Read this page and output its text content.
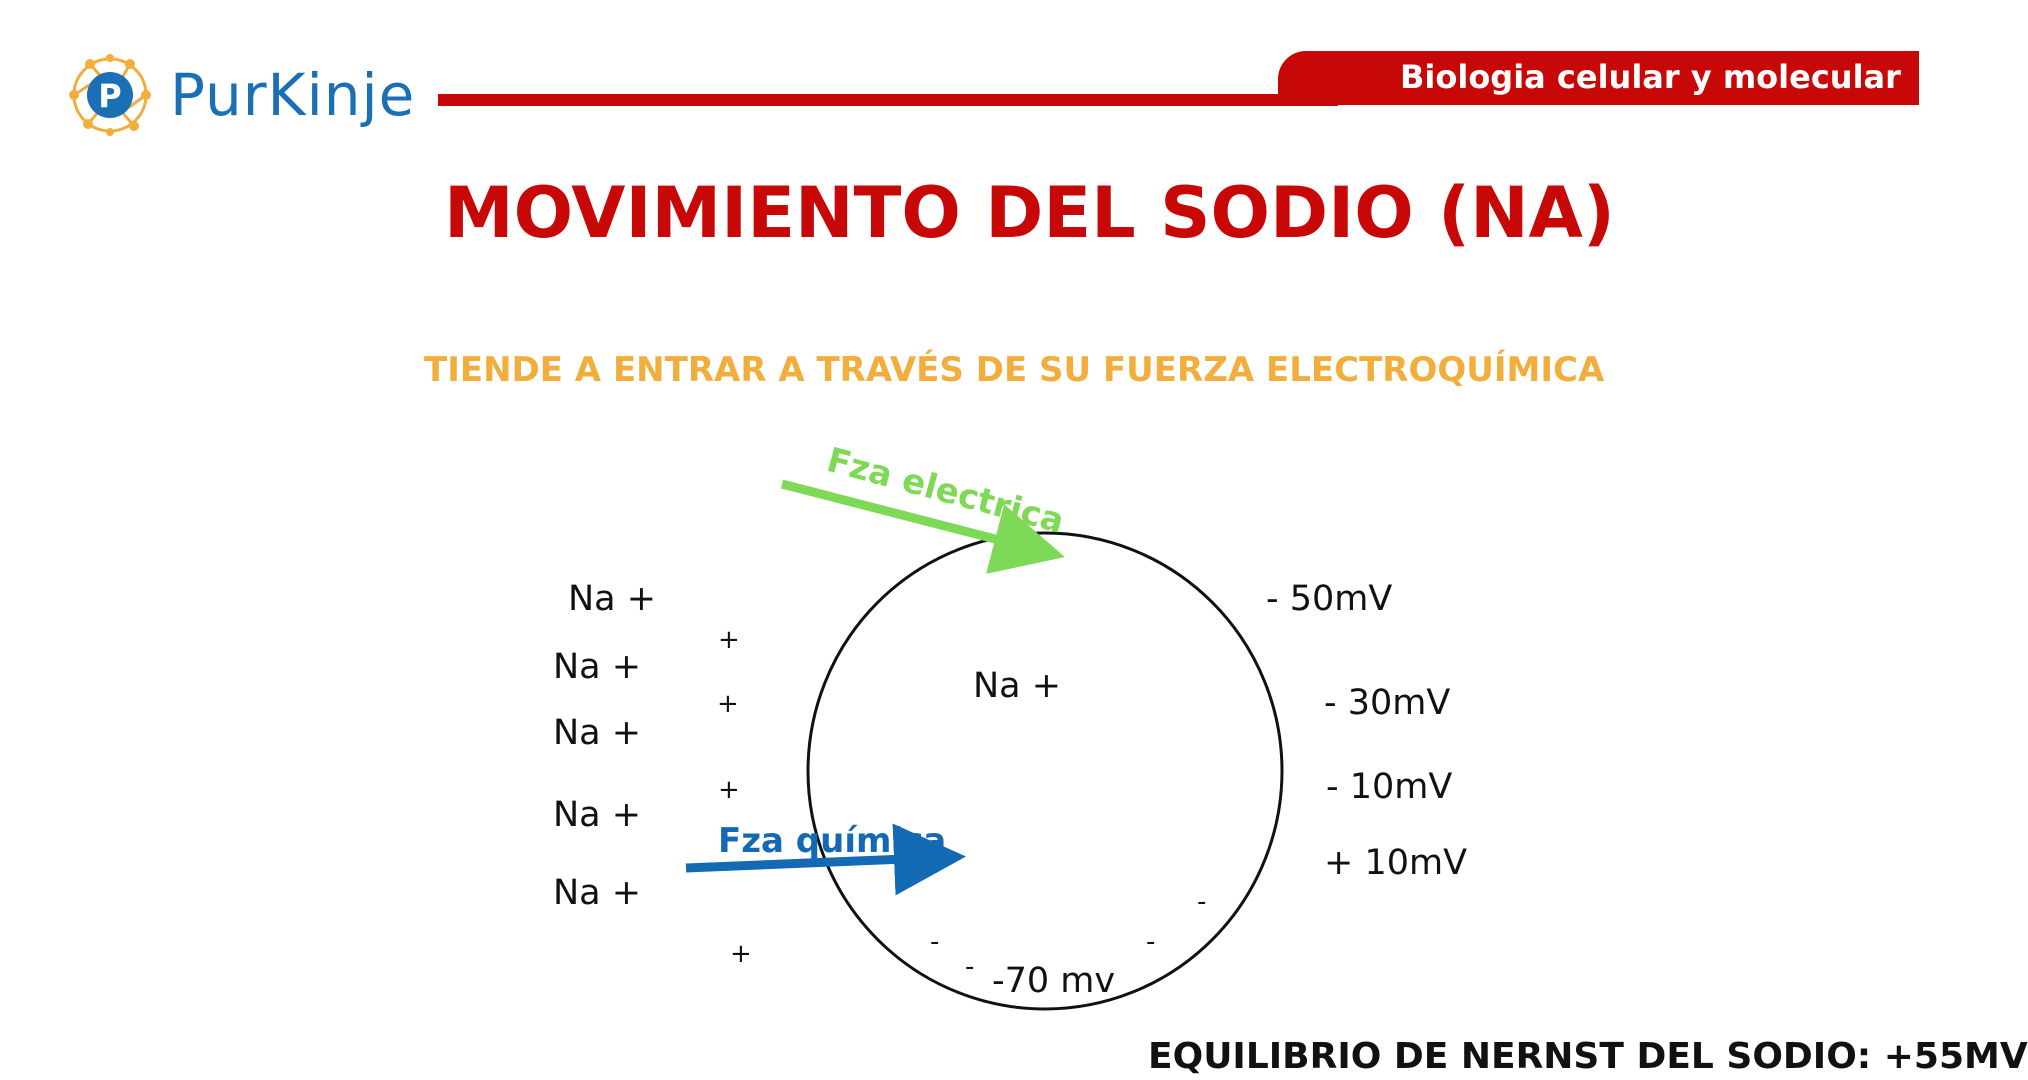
P PurKinje	Biologia celular y molecular
MOVIMIENTO DEL SODIO (NA)
TIENDE A ENTRAR A TRAVÉS DE SU FUERZA ELECTROQUÍMICA
Na +
Na +
Na +
Na +
Na +
+
+
+
+
Na +
-
-	-
- -70 mv
- 50mV
- 30mV
- 10mV
+ 10mV
Fza electrica
Fza química
EQUILIBRIO DE NERNST DEL SODIO: +55MV
